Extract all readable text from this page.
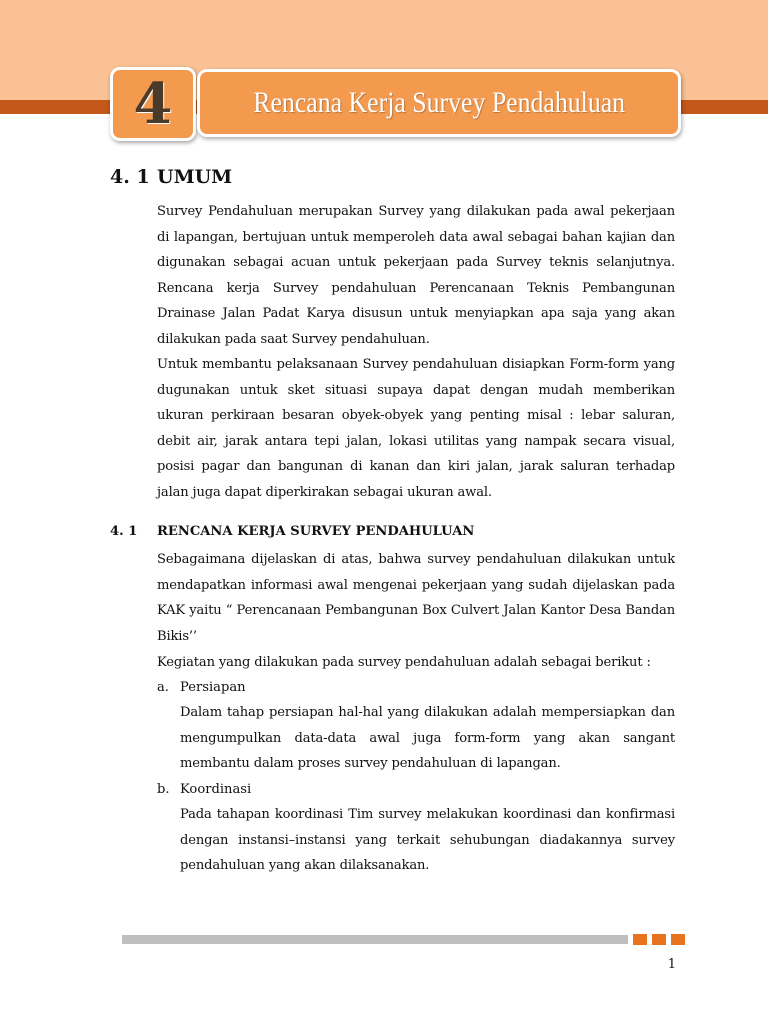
4	Rencana Kerja Survey Pendahuluan
4. 1 UMUM

Survey Pendahuluan merupakan Survey yang dilakukan pada awal pekerjaan di lapangan, bertujuan untuk memperoleh data awal sebagai bahan kajian dan digunakan sebagai acuan untuk pekerjaan pada Survey teknis selanjutnya. Rencana kerja Survey pendahuluan Perencanaan Teknis Pembangunan Drainase Jalan Padat Karya disusun untuk menyiapkan apa saja yang akan dilakukan pada saat Survey pendahuluan.

Untuk membantu pelaksanaan Survey pendahuluan disiapkan Form-form yang dugunakan untuk sket situasi supaya dapat dengan mudah memberikan ukuran perkiraan besaran obyek-obyek yang penting misal : lebar saluran, debit air, jarak antara tepi jalan, lokasi utilitas yang nampak secara visual, posisi pagar dan bangunan di kanan dan kiri jalan, jarak saluran terhadap jalan juga dapat diperkirakan sebagai ukuran awal.

4. 1 RENCANA KERJA SURVEY PENDAHULUAN

Sebagaimana dijelaskan di atas, bahwa survey pendahuluan dilakukan untuk mendapatkan informasi awal mengenai pekerjaan yang sudah dijelaskan pada KAK yaitu “ Perencanaan Pembangunan Box Culvert Jalan Kantor Desa Bandan Bikis’’

Kegiatan yang dilakukan pada survey pendahuluan adalah sebagai berikut :

a. Persiapan

Dalam tahap persiapan hal-hal yang dilakukan adalah mempersiapkan dan mengumpulkan data-data awal juga form-form yang akan sangant membantu dalam proses survey pendahuluan di lapangan.

b. Koordinasi

Pada tahapan koordinasi Tim survey melakukan koordinasi dan konfirmasi dengan instansi–instansi yang terkait sehubungan diadakannya survey pendahuluan yang akan dilaksanakan.

1
